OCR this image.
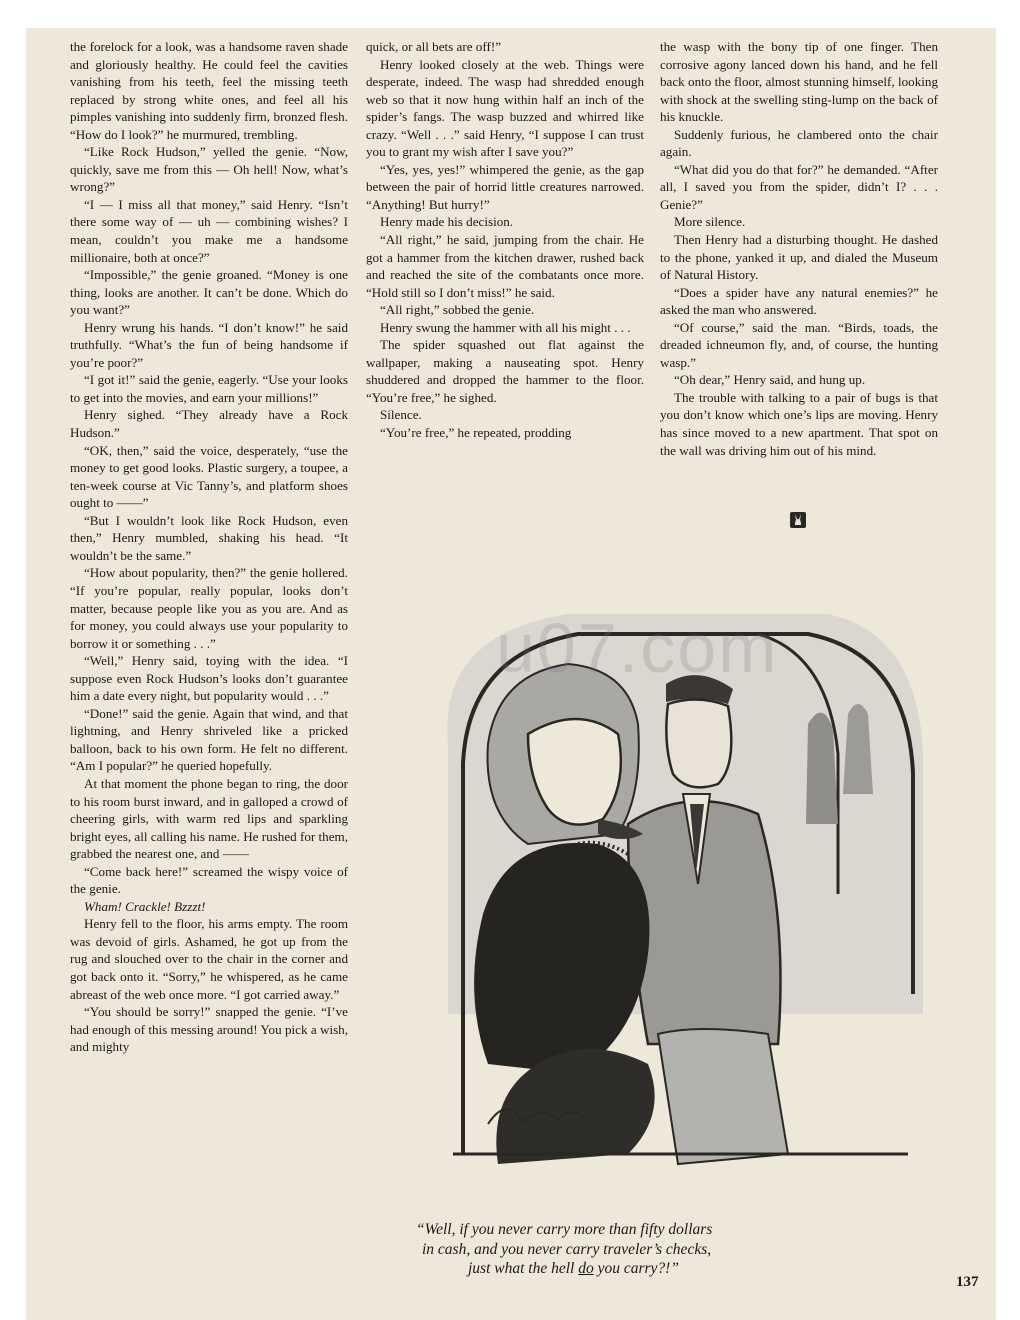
the forelock for a look, was a handsome raven shade and gloriously healthy. He could feel the cavities vanishing from his teeth, feel the missing teeth replaced by strong white ones, and feel all his pimples vanishing into suddenly firm, bronzed flesh. “How do I look?” he murmured, trembling.

“Like Rock Hudson,” yelled the genie. “Now, quickly, save me from this — Oh hell! Now, what’s wrong?”

“I — I miss all that money,” said Henry. “Isn’t there some way of — uh — combining wishes? I mean, couldn’t you make me a handsome millionaire, both at once?”

“Impossible,” the genie groaned. “Money is one thing, looks are another. It can’t be done. Which do you want?”

Henry wrung his hands. “I don’t know!” he said truthfully. “What’s the fun of being handsome if you’re poor?”

“I got it!” said the genie, eagerly. “Use your looks to get into the movies, and earn your millions!”

Henry sighed. “They already have a Rock Hudson.”

“OK, then,” said the voice, desperately, “use the money to get good looks. Plastic surgery, a toupee, a ten-week course at Vic Tanny’s, and platform shoes ought to ——”

“But I wouldn’t look like Rock Hudson, even then,” Henry mumbled, shaking his head. “It wouldn’t be the same.”

“How about popularity, then?” the genie hollered. “If you’re popular, really popular, looks don’t matter, because people like you as you are. And as for money, you could always use your popularity to borrow it or something . . .”

“Well,” Henry said, toying with the idea. “I suppose even Rock Hudson’s looks don’t guarantee him a date every night, but popularity would . . .”

“Done!” said the genie. Again that wind, and that lightning, and Henry shriveled like a pricked balloon, back to his own form. He felt no different. “Am I popular?” he queried hopefully.

At that moment the phone began to ring, the door to his room burst inward, and in galloped a crowd of cheering girls, with warm red lips and sparkling bright eyes, all calling his name. He rushed for them, grabbed the nearest one, and ——

“Come back here!” screamed the wispy voice of the genie.

Wham! Crackle! Bzzzt!

Henry fell to the floor, his arms empty. The room was devoid of girls. Ashamed, he got up from the rug and slouched over to the chair in the corner and got back onto it. “Sorry,” he whispered, as he came abreast of the web once more. “I got carried away.”

“You should be sorry!” snapped the genie. “I’ve had enough of this messing around! You pick a wish, and mighty

quick, or all bets are off!”

Henry looked closely at the web. Things were desperate, indeed. The wasp had shredded enough web so that it now hung within half an inch of the spider’s fangs. The wasp buzzed and whirred like crazy. “Well . . .” said Henry, “I suppose I can trust you to grant my wish after I save you?”

“Yes, yes, yes!” whimpered the genie, as the gap between the pair of horrid little creatures narrowed. “Anything! But hurry!”

Henry made his decision.

“All right,” he said, jumping from the chair. He got a hammer from the kitchen drawer, rushed back and reached the site of the combatants once more. “Hold still so I don’t miss!” he said.

“All right,” sobbed the genie.

Henry swung the hammer with all his might . . .

The spider squashed out flat against the wallpaper, making a nauseating spot. Henry shuddered and dropped the hammer to the floor. “You’re free,” he sighed.

Silence.

“You’re free,” he repeated, prodding

the wasp with the bony tip of one finger. Then corrosive agony lanced down his hand, and he fell back onto the floor, almost stunning himself, looking with shock at the swelling sting-lump on the back of his knuckle.

Suddenly furious, he clambered onto the chair again.

“What did you do that for?” he demanded. “After all, I saved you from the spider, didn’t I? . . . Genie?”

More silence.

Then Henry had a disturbing thought. He dashed to the phone, yanked it up, and dialed the Museum of Natural History.

“Does a spider have any natural enemies?” he asked the man who answered.

“Of course,” said the man. “Birds, toads, the dreaded ichneumon fly, and, of course, the hunting wasp.”

“Oh dear,” Henry said, and hung up.

The trouble with talking to a pair of bugs is that you don’t know which one’s lips are moving. Henry has since moved to a new apartment. That spot on the wall was driving him out of his mind.

u07.com
“Well, if you never carry more than fifty dollars
in cash, and you never carry traveler’s checks,
just what the hell do you carry?!”
137
